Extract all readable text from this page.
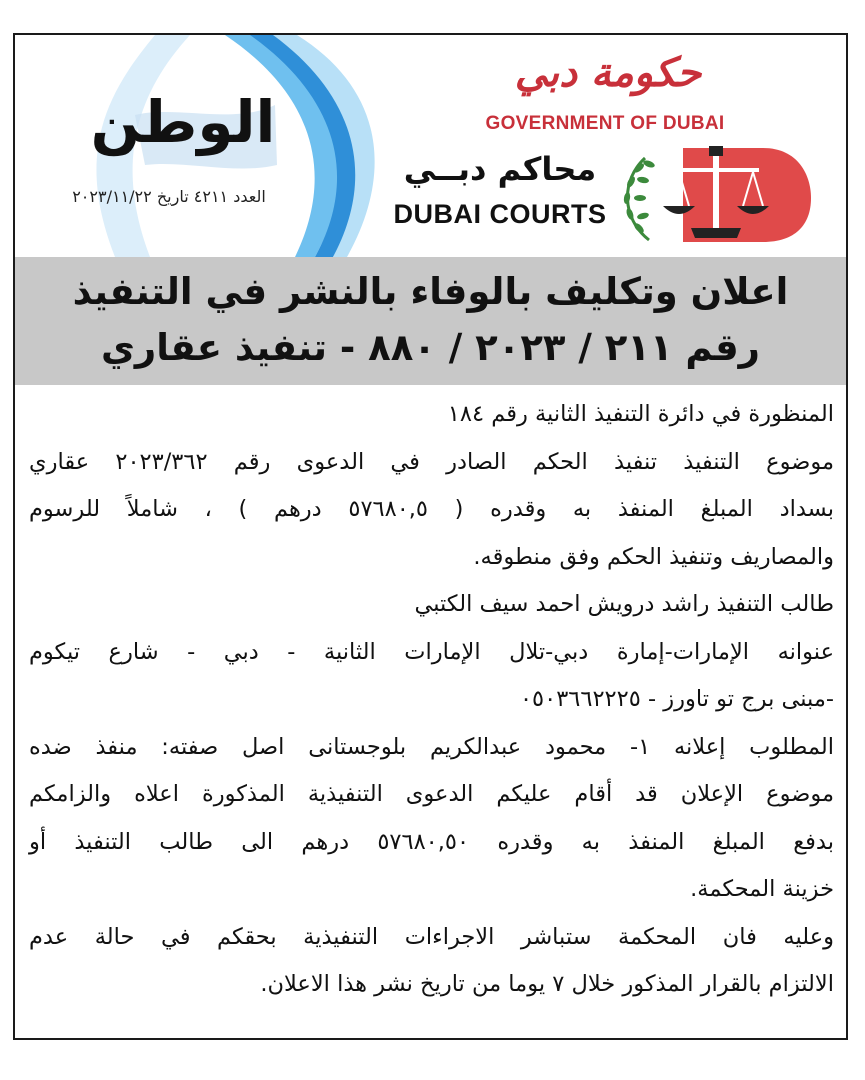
الوطن
العدد ٤٢١١ تاريخ ٢٠٢٣/١١/٢٢
حكومة دبي
GOVERNMENT OF DUBAI
محاكم دبــي
DUBAI COURTS
اعلان وتكليف بالوفاء بالنشر في التنفيذ
رقم ٢١١ / ٢٠٢٣ / ٨٨٠ - تنفيذ عقاري
المنظورة في دائرة التنفيذ الثانية رقم ١٨٤
موضوع التنفيذ تنفيذ الحكم الصادر في الدعوى رقم ٢٠٢٣/٣٦٢ عقاري
بسداد المبلغ المنفذ به وقدره ( ٥٧٦٨٠,٥ درهم ) ، شاملاً للرسوم
والمصاريف وتنفيذ الحكم وفق منطوقه.
طالب التنفيذ راشد درويش احمد سيف الكتبي
عنوانه الإمارات-إمارة دبي-تلال الإمارات الثانية - دبي - شارع تيكوم
-مبنى برج تو تاورز - ٠٥٠٣٦٦٢٢٢٥
المطلوب إعلانه ١- محمود عبدالكريم بلوجستانى اصل صفته: منفذ ضده
موضوع الإعلان قد أقام عليكم الدعوى التنفيذية المذكورة اعلاه والزامكم
بدفع المبلغ المنفذ به وقدره ٥٧٦٨٠,٥٠ درهم الى طالب التنفيذ أو
خزينة المحكمة.
وعليه فان المحكمة ستباشر الاجراءات التنفيذية بحقكم في حالة عدم
الالتزام بالقرار المذكور خلال ٧ يوما من تاريخ نشر هذا الاعلان.
